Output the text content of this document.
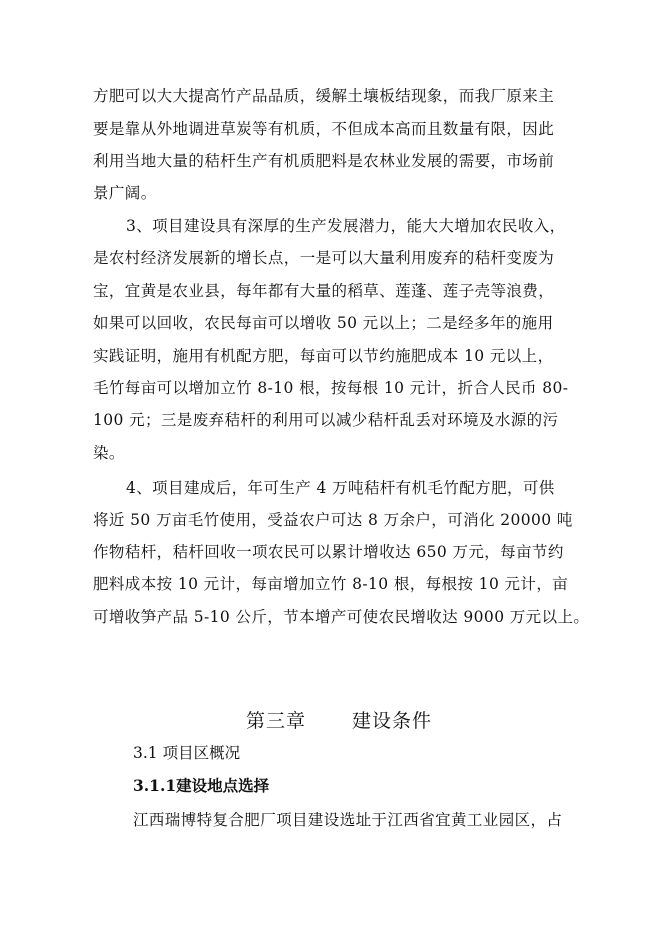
方肥可以大大提高竹产品品质，缓解土壤板结现象，而我厂原来主
要是靠从外地调进草炭等有机质，不但成本高而且数量有限，因此
利用当地大量的秸杆生产有机质肥料是农林业发展的需要，市场前
景广阔。
3、项目建设具有深厚的生产发展潜力，能大大增加农民收入，
是农村经济发展新的增长点，一是可以大量利用废弃的秸杆变废为
宝，宜黄是农业县，每年都有大量的稻草、莲蓬、莲子壳等浪费，
如果可以回收，农民每亩可以增收 50 元以上；二是经多年的施用
实践证明，施用有机配方肥，每亩可以节约施肥成本 10 元以上，
毛竹每亩可以增加立竹 8-10 根，按每根 10 元计，折合人民币 80-
100 元；三是废弃秸杆的利用可以减少秸杆乱丢对环境及水源的污
染。
4、项目建成后，年可生产 4 万吨秸杆有机毛竹配方肥，可供
将近 50 万亩毛竹使用，受益农户可达 8 万余户，可消化 20000 吨
作物秸杆，秸杆回收一项农民可以累计增收达 650 万元，每亩节约
肥料成本按 10 元计，每亩增加立竹 8-10 根，每根按 10 元计，亩
可增收笋产品 5-10 公斤，节本增产可使农民增收达 9000 万元以上。
第三章 建设条件
3.1 项目区概况
3.1.1建设地点选择
江西瑞博特复合肥厂项目建设选址于江西省宜黄工业园区，占
